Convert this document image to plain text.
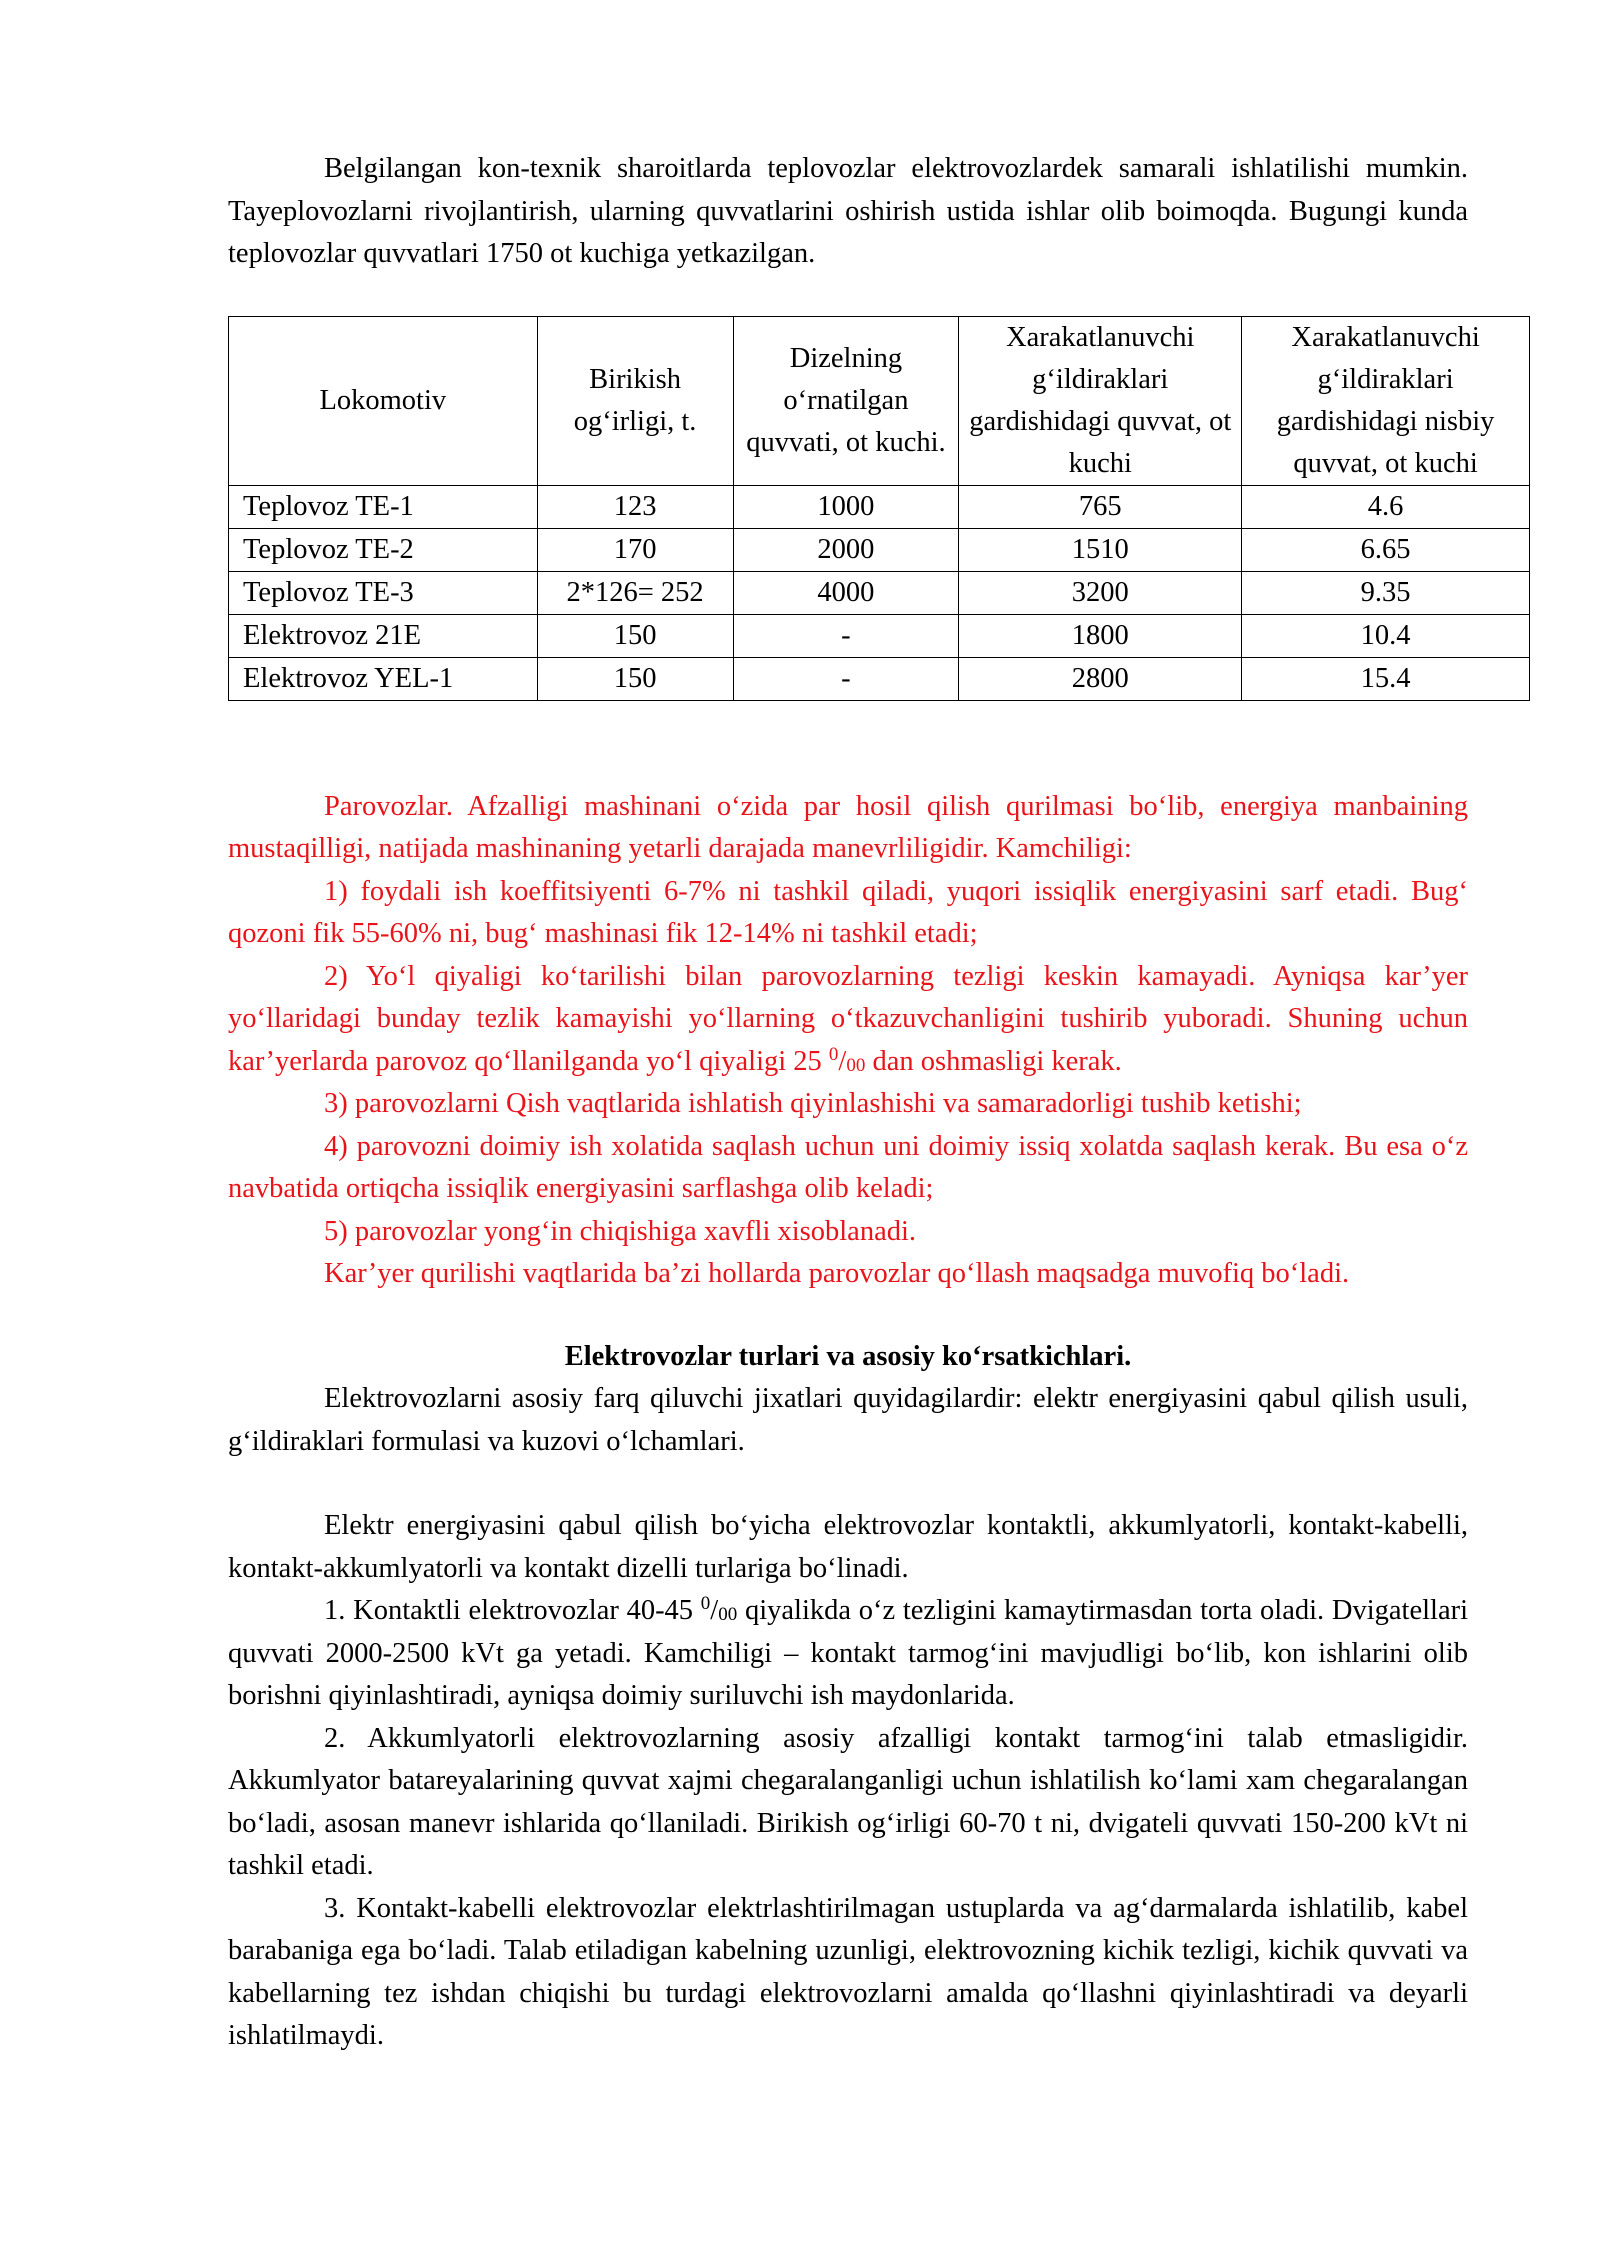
Belgilangan kon-texnik sharoitlarda teplovozlar elektrovozlardek samarali ishlatilishi mumkin. Tayeplovozlarni rivojlantirish, ularning quvvatlarini oshirish ustida ishlar olib boimoqda. Bugungi kunda teplovozlar quvvatlari 1750 ot kuchiga yetkazilgan.

Lokomotiv	Birikish og‘irligi, t.	Dizelning o‘rnatilgan quvvati, ot kuchi.	Xarakatlanuvchi g‘ildiraklari gardishidagi quvvat, ot kuchi	Xarakatlanuvchi g‘ildiraklari gardishidagi nisbiy quvvat, ot kuchi
Teplovoz TE-1	123	1000	765	4.6
Teplovoz TE-2	170	2000	1510	6.65
Teplovoz TE-3	2*126= 252	4000	3200	9.35
Elektrovoz 21E	150	-	1800	10.4
Elektrovoz YEL-1	150	-	2800	15.4

Parovozlar. Afzalligi mashinani o‘zida par hosil qilish qurilmasi bo‘lib, energiya manbaining mustaqilligi, natijada mashinaning yetarli darajada manevrliligidir. Kamchiligi:

1) foydali ish koeffitsiyenti 6-7% ni tashkil qiladi, yuqori issiqlik energiyasini sarf etadi. Bug‘ qozoni fik 55-60% ni, bug‘ mashinasi fik 12-14% ni tashkil etadi;

2) Yo‘l qiyaligi ko‘tarilishi bilan parovozlarning tezligi keskin kamayadi. Ayniqsa kar’yer yo‘llaridagi bunday tezlik kamayishi yo‘llarning o‘tkazuvchanligini tushirib yuboradi. Shuning uchun kar’yerlarda parovoz qo‘llanilganda yo‘l qiyaligi 25 $^0/_{00}$ dan oshmasligi kerak.

3) parovozlarni Qish vaqtlarida ishlatish qiyinlashishi va samaradorligi tushib ketishi;

4) parovozni doimiy ish xolatida saqlash uchun uni doimiy issiq xolatda saqlash kerak. Bu esa o‘z navbatida ortiqcha issiqlik energiyasini sarflashga olib keladi;

5) parovozlar yong‘in chiqishiga xavfli xisoblanadi.

Kar’yer qurilishi vaqtlarida ba’zi hollarda parovozlar qo‘llash maqsadga muvofiq bo‘ladi.

Elektrovozlar turlari va asosiy ko‘rsatkichlari.

Elektrovozlarni asosiy farq qiluvchi jixatlari quyidagilardir: elektr energiyasini qabul qilish usuli, g‘ildiraklari formulasi va kuzovi o‘lchamlari.

Elektr energiyasini qabul qilish bo‘yicha elektrovozlar kontaktli, akkumlyatorli, kontakt-kabelli, kontakt-akkumlyatorli va kontakt dizelli turlariga bo‘linadi.

1. Kontaktli elektrovozlar 40-45 $^0/_{00}$ qiyalikda o‘z tezligini kamaytirmasdan torta oladi. Dvigatellari quvvati 2000-2500 kVt ga yetadi. Kamchiligi – kontakt tarmog‘ini mavjudligi bo‘lib, kon ishlarini olib borishni qiyinlashtiradi, ayniqsa doimiy suriluvchi ish maydonlarida.

2. Akkumlyatorli elektrovozlarning asosiy afzalligi kontakt tarmog‘ini talab etmasligidir. Akkumlyator batareyalarining quvvat xajmi chegaralanganligi uchun ishlatilish ko‘lami xam chegaralangan bo‘ladi, asosan manevr ishlarida qo‘llaniladi. Birikish og‘irligi 60-70 t ni, dvigateli quvvati 150-200 kVt ni tashkil etadi.

3. Kontakt-kabelli elektrovozlar elektrlashtirilmagan ustuplarda va ag‘darmalarda ishlatilib, kabel barabaniga ega bo‘ladi. Talab etiladigan kabelning uzunligi, elektrovozning kichik tezligi, kichik quvvati va kabellarning tez ishdan chiqishi bu turdagi elektrovozlarni amalda qo‘llashni qiyinlashtiradi va deyarli ishlatilmaydi.
